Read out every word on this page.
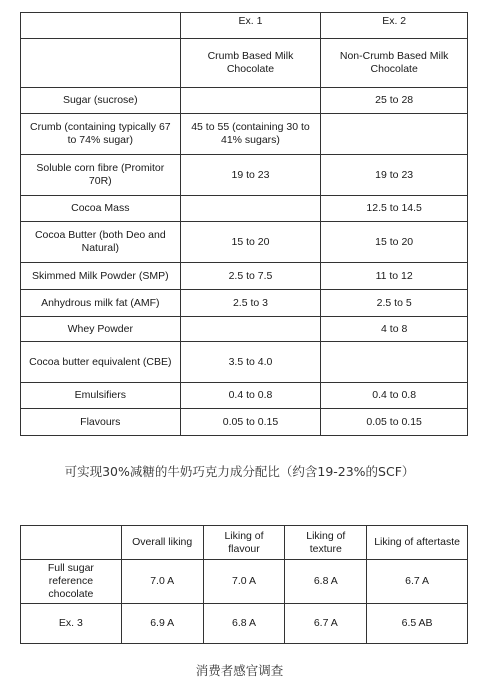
	Ex. 1	Ex. 2
	Crumb Based Milk Chocolate	Non-Crumb Based Milk Chocolate
Sugar (sucrose)		25 to 28
Crumb (containing typically 67 to 74% sugar)	45 to 55 (containing 30 to 41% sugars)	
Soluble corn fibre (Promitor 70R)	19 to 23	19 to 23
Cocoa Mass		12.5 to 14.5
Cocoa Butter (both Deo and Natural)	15 to 20	15 to 20
Skimmed Milk Powder (SMP)	2.5 to 7.5	11 to 12
Anhydrous milk fat (AMF)	2.5 to 3	2.5 to 5
Whey Powder		4 to 8
Cocoa butter equivalent (CBE)	3.5 to 4.0	
Emulsifiers	0.4 to 0.8	0.4 to 0.8
Flavours	0.05 to 0.15	0.05 to 0.15
可实现30%减糖的牛奶巧克力成分配比（约含19-23%的SCF）
	Overall liking	Liking of flavour	Liking of texture	Liking of aftertaste
Full sugar reference chocolate	7.0 A	7.0 A	6.8 A	6.7 A
Ex. 3	6.9 A	6.8 A	6.7 A	6.5 AB
消费者感官调查
